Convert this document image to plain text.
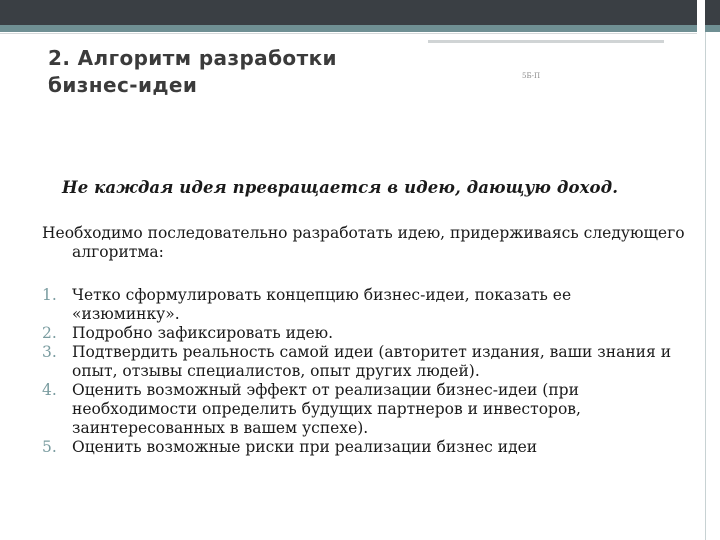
2. Алгоритм разработки
бизнес-идеи	5Б-П

Не каждая идея превращается в идею, дающую доход.

Необходимо последовательно разработать идею, придерживаясь следующего алгоритма:

1. Четко сформулировать концепцию бизнес-идеи, показать ее «изюминку».
2. Подробно зафиксировать идею.
3. Подтвердить реальность самой идеи (авторитет издания, ваши знания и опыт, отзывы специалистов, опыт других людей).
4. Оценить возможный эффект от реализации бизнес-идеи (при необходимости определить будущих партнеров и инвесторов, заинтересованных в вашем успехе).
5. Оценить возможные риски при реализации бизнес идеи
